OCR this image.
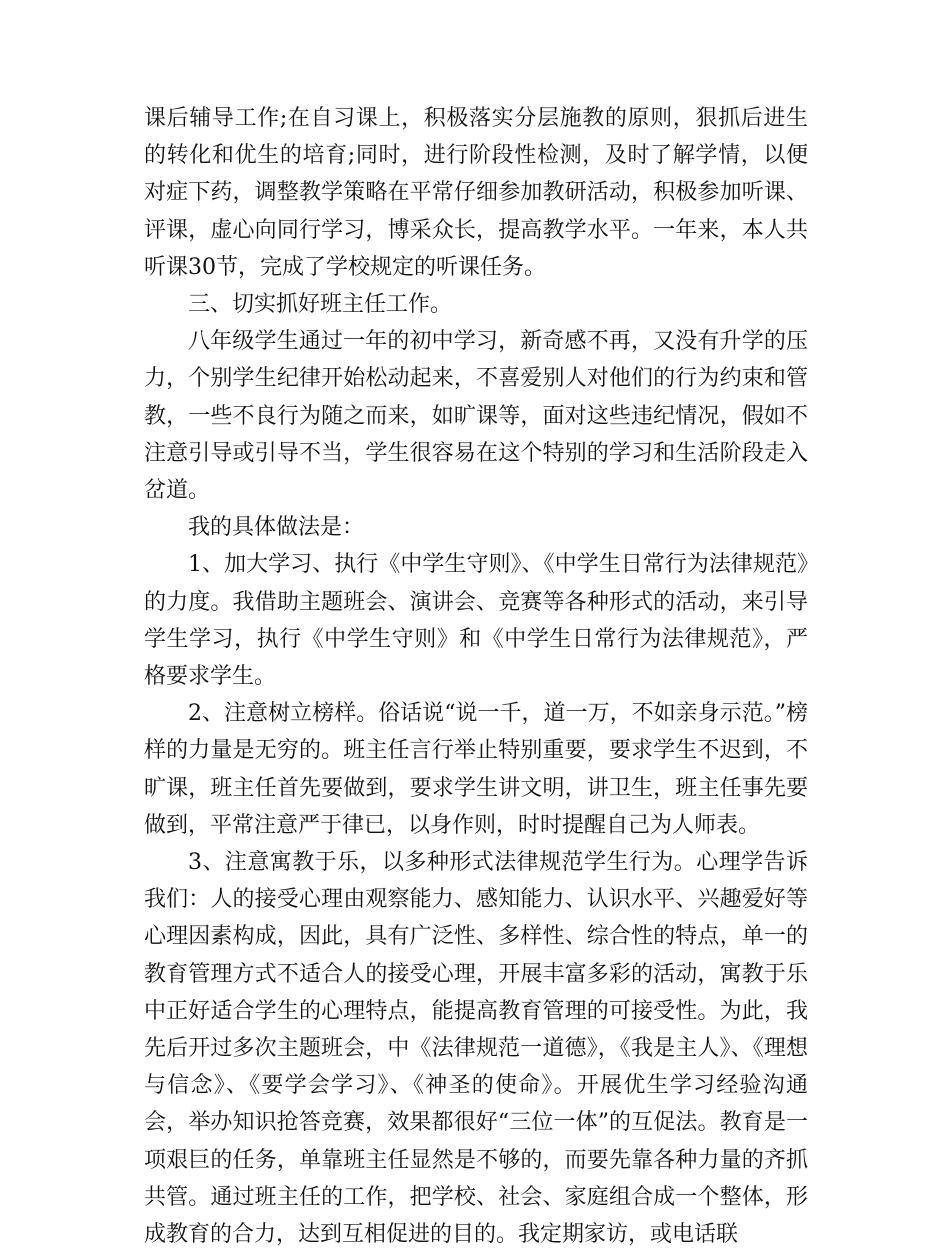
课后辅导工作;在自习课上，积极落实分层施教的原则，狠抓后进生的转化和优生的培育;同时，进行阶段性检测，及时了解学情，以便对症下药，调整教学策略在平常仔细参加教研活动，积极参加听课、评课，虚心向同行学习，博采众长，提高教学水平。一年来，本人共听课30节，完成了学校规定的听课任务。

三、切实抓好班主任工作。

八年级学生通过一年的初中学习，新奇感不再，又没有升学的压力，个别学生纪律开始松动起来，不喜爱别人对他们的行为约束和管教，一些不良行为随之而来，如旷课等，面对这些违纪情况，假如不注意引导或引导不当，学生很容易在这个特别的学习和生活阶段走入岔道。

我的具体做法是：

1、加大学习、执行《中学生守则》、《中学生日常行为法律规范》的力度。我借助主题班会、演讲会、竞赛等各种形式的活动，来引导学生学习，执行《中学生守则》和《中学生日常行为法律规范》，严格要求学生。

2、注意树立榜样。俗话说“说一千，道一万，不如亲身示范。”榜样的力量是无穷的。班主任言行举止特别重要，要求学生不迟到，不旷课，班主任首先要做到，要求学生讲文明，讲卫生，班主任事先要做到，平常注意严于律已，以身作则，时时提醒自己为人师表。

3、注意寓教于乐，以多种形式法律规范学生行为。心理学告诉我们：人的接受心理由观察能力、感知能力、认识水平、兴趣爱好等心理因素构成，因此，具有广泛性、多样性、综合性的特点，单一的教育管理方式不适合人的接受心理，开展丰富多彩的活动，寓教于乐中正好适合学生的心理特点，能提高教育管理的可接受性。为此，我先后开过多次主题班会，中《法律规范一道德》，《我是主人》、《理想与信念》、《要学会学习》、《神圣的使命》。开展优生学习经验沟通会，举办知识抢答竞赛，效果都很好“三位一体”的互促法。教育是一项艰巨的任务，单靠班主任显然是不够的，而要先靠各种力量的齐抓共管。通过班主任的工作，把学校、社会、家庭组合成一个整体，形成教育的合力，达到互相促进的目的。我定期家访，或电话联
